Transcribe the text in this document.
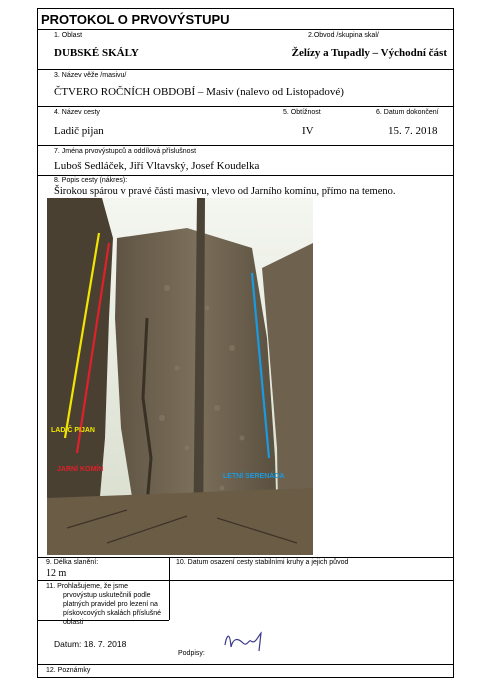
PROTOKOL O PRVOVÝSTUPU
1. Oblast
DUBSKÉ SKÁLY
2.Obvod /skupina skal/
Želízy a Tupadly – Východní část
3. Název věže /masivu/
ČTVERO ROČNÍCH OBDOBÍ – Masiv (nalevo od Listopadové)
4. Název cesty
Ladič pijan
5. Obtížnost
IV
6. Datum dokončení
15. 7. 2018
7. Jména prvovýstupců a oddílová příslušnost
Luboš Sedláček, Jiří Vltavský, Josef Koudelka
8. Popis cesty (nákres):
Širokou spárou v pravé části masivu, vlevo od Jarního komínu, přímo na temeno.
LADIČ PIJAN
JARNÍ KOMÍN
LETNÍ SERENÁDA
9. Délka slanění:
12 m
10. Datum osazení cesty stabilními kruhy a jejich původ
11. Prohlašujeme, že jsme
prvovýstup uskutečnili podle
platných pravidel pro lezení na
pískovcových skalách příslušné
oblasti
Datum: 18. 7. 2018
Podpisy:
12. Poznámky
